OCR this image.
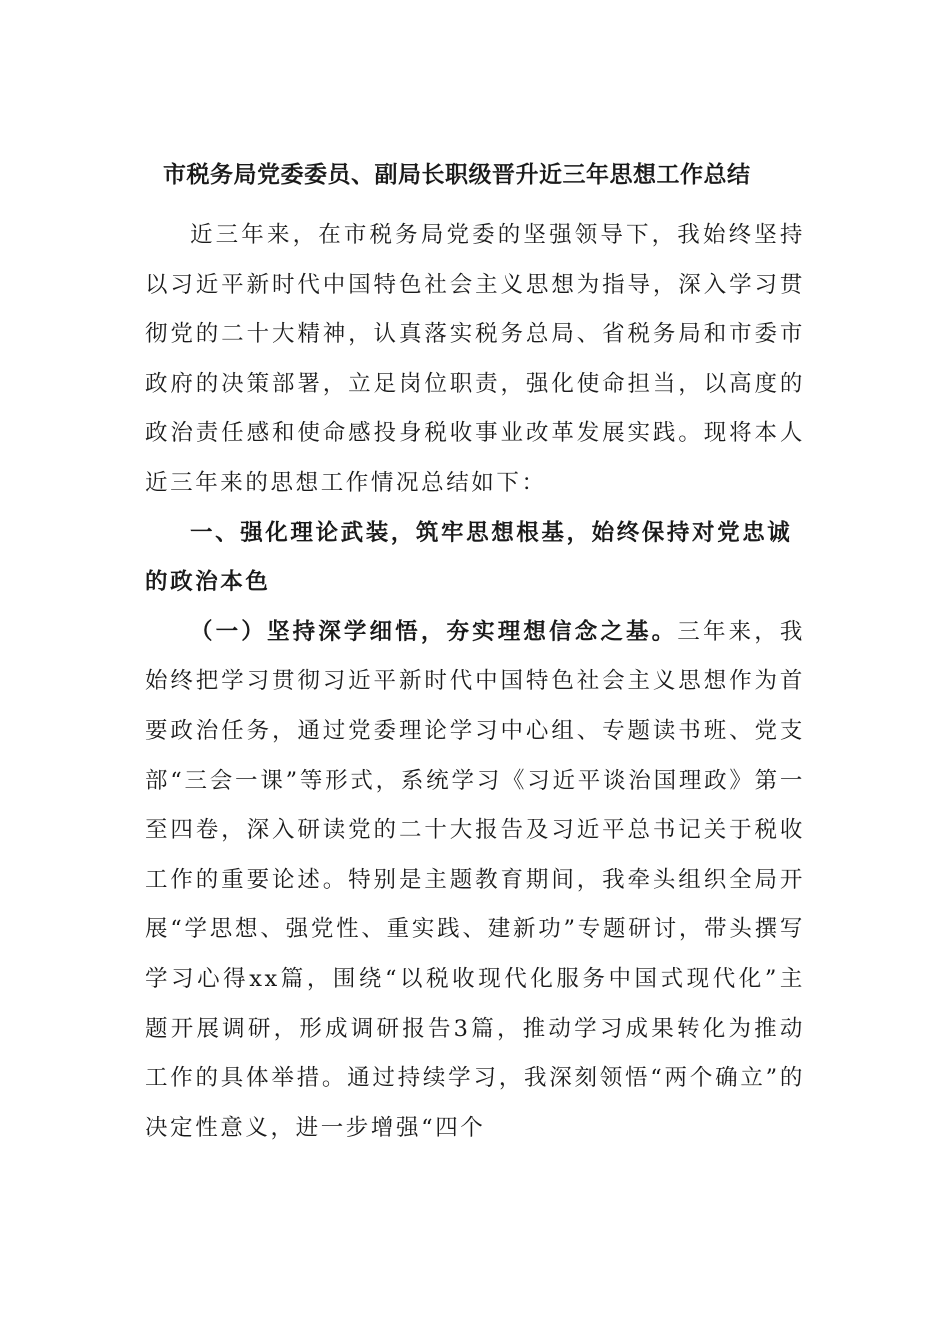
市税务局党委委员、副局长职级晋升近三年思想工作总结

近三年来，在市税务局党委的坚强领导下，我始终坚持以习近平新时代中国特色社会主义思想为指导，深入学习贯彻党的二十大精神，认真落实税务总局、省税务局和市委市政府的决策部署，立足岗位职责，强化使命担当，以高度的政治责任感和使命感投身税收事业改革发展实践。现将本人近三年来的思想工作情况总结如下：

一、强化理论武装，筑牢思想根基，始终保持对党忠诚的政治本色

（一）坚持深学细悟，夯实理想信念之基。三年来，我始终把学习贯彻习近平新时代中国特色社会主义思想作为首要政治任务，通过党委理论学习中心组、专题读书班、党支部“三会一课”等形式，系统学习《习近平谈治国理政》第一至四卷，深入研读党的二十大报告及习近平总书记关于税收工作的重要论述。特别是主题教育期间，我牵头组织全局开展“学思想、强党性、重实践、建新功”专题研讨，带头撰写学习心得xx篇，围绕“以税收现代化服务中国式现代化”主题开展调研，形成调研报告3篇，推动学习成果转化为推动工作的具体举措。通过持续学习，我深刻领悟“两个确立”的决定性意义，进一步增强“四个
